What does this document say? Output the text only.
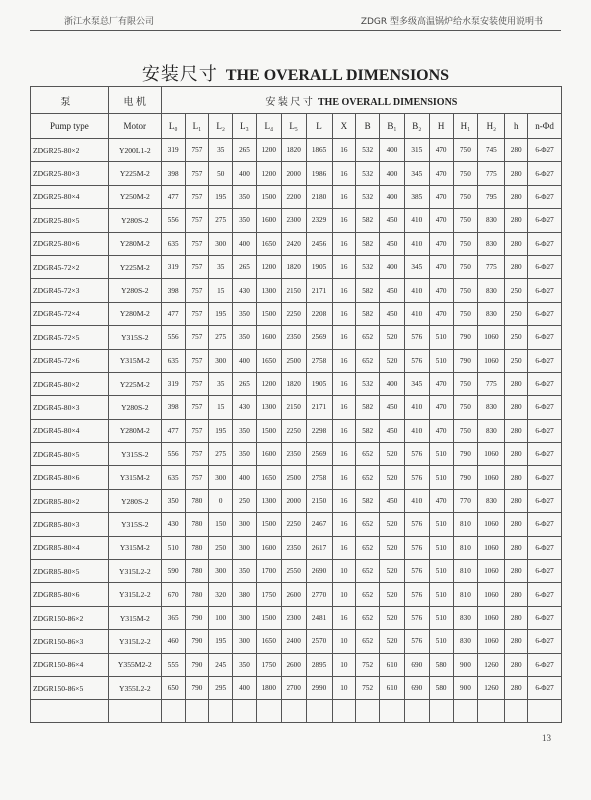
浙江水泵总厂有限公司	ZDGR 型多级高温锅炉给水泵安装使用说明书
安装尺寸 THE OVERALL DIMENSIONS
泵	电 机	安 装 尺 寸 THE OVERALL DIMENSIONS															
Pump type	Motor	L₀	L₁	L₂	L₃	L₄	L₅	L	X	B	B₁	B₂	H	H₁	H₂	h	n-Φd
ZDGR25-80×2	Y200L1-2	319	757	35	265	1200	1820	1865	16	532	400	315	470	750	745	280	6-Φ27
ZDGR25-80×3	Y225M-2	398	757	50	400	1200	2000	1986	16	532	400	345	470	750	775	280	6-Φ27
ZDGR25-80×4	Y250M-2	477	757	195	350	1500	2200	2180	16	532	400	385	470	750	795	280	6-Φ27
ZDGR25-80×5	Y280S-2	556	757	275	350	1600	2300	2329	16	582	450	410	470	750	830	280	6-Φ27
ZDGR25-80×6	Y280M-2	635	757	300	400	1650	2420	2456	16	582	450	410	470	750	830	280	6-Φ27
ZDGR45-72×2	Y225M-2	319	757	35	265	1200	1820	1905	16	532	400	345	470	750	775	280	6-Φ27
ZDGR45-72×3	Y280S-2	398	757	15	430	1300	2150	2171	16	582	450	410	470	750	830	250	6-Φ27
ZDGR45-72×4	Y280M-2	477	757	195	350	1500	2250	2208	16	582	450	410	470	750	830	250	6-Φ27
ZDGR45-72×5	Y315S-2	556	757	275	350	1600	2350	2569	16	652	520	576	510	790	1060	250	6-Φ27
ZDGR45-72×6	Y315M-2	635	757	300	400	1650	2500	2758	16	652	520	576	510	790	1060	250	6-Φ27
ZDGR45-80×2	Y225M-2	319	757	35	265	1200	1820	1905	16	532	400	345	470	750	775	280	6-Φ27
ZDGR45-80×3	Y280S-2	398	757	15	430	1300	2150	2171	16	582	450	410	470	750	830	280	6-Φ27
ZDGR45-80×4	Y280M-2	477	757	195	350	1500	2250	2298	16	582	450	410	470	750	830	280	6-Φ27
ZDGR45-80×5	Y315S-2	556	757	275	350	1600	2350	2569	16	652	520	576	510	790	1060	280	6-Φ27
ZDGR45-80×6	Y315M-2	635	757	300	400	1650	2500	2758	16	652	520	576	510	790	1060	280	6-Φ27
ZDGR85-80×2	Y280S-2	350	780	0	250	1300	2000	2150	16	582	450	410	470	770	830	280	6-Φ27
ZDGR85-80×3	Y315S-2	430	780	150	300	1500	2250	2467	16	652	520	576	510	810	1060	280	6-Φ27
ZDGR85-80×4	Y315M-2	510	780	250	300	1600	2350	2617	16	652	520	576	510	810	1060	280	6-Φ27
ZDGR85-80×5	Y315L2-2	590	780	300	350	1700	2550	2690	10	652	520	576	510	810	1060	280	6-Φ27
ZDGR85-80×6	Y315L2-2	670	780	320	380	1750	2600	2770	10	652	520	576	510	810	1060	280	6-Φ27
ZDGR150-86×2	Y315M-2	365	790	100	300	1500	2300	2481	16	652	520	576	510	830	1060	280	6-Φ27
ZDGR150-86×3	Y315L2-2	460	790	195	300	1650	2400	2570	10	652	520	576	510	830	1060	280	6-Φ27
ZDGR150-86×4	Y355M2-2	555	790	245	350	1750	2600	2895	10	752	610	690	580	900	1260	280	6-Φ27
ZDGR150-86×5	Y355L2-2	650	790	295	400	1800	2700	2990	10	752	610	690	580	900	1260	280	6-Φ27

13
